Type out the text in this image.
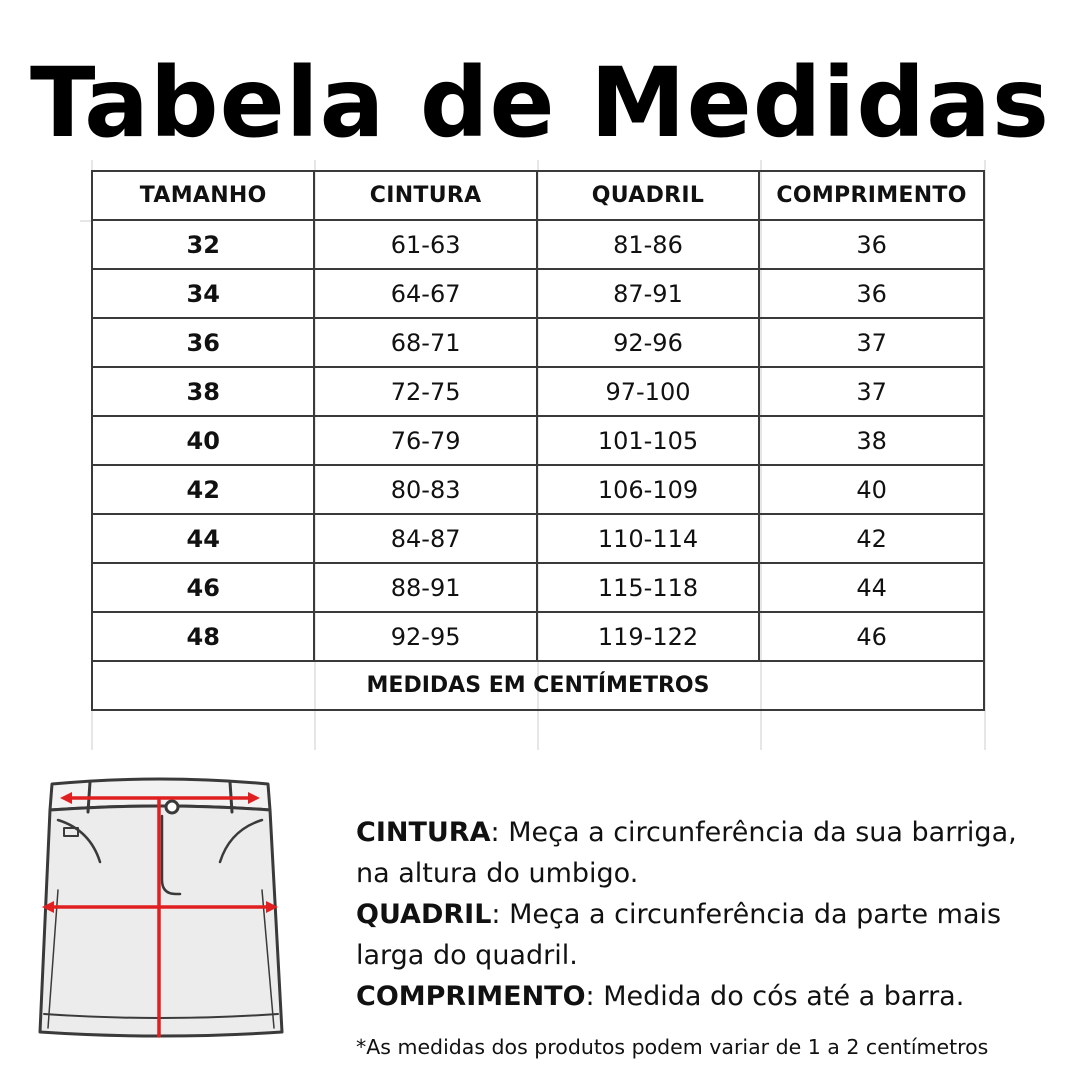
Tabela de Medidas
TAMANHO	CINTURA	QUADRIL	COMPRIMENTO
32	61-63	81-86	36
34	64-67	87-91	36
36	68-71	92-96	37
38	72-75	97-100	37
40	76-79	101-105	38
42	80-83	106-109	40
44	84-87	110-114	42
46	88-91	115-118	44
48	92-95	119-122	46
MEDIDAS EM CENTÍMETROS			

CINTURA: Meça a circunferência da sua barriga, na altura do umbigo.

QUADRIL: Meça a circunferência da parte mais larga do quadril.

COMPRIMENTO: Medida do cós até a barra.

*As medidas dos produtos podem variar de 1 a 2 centímetros
